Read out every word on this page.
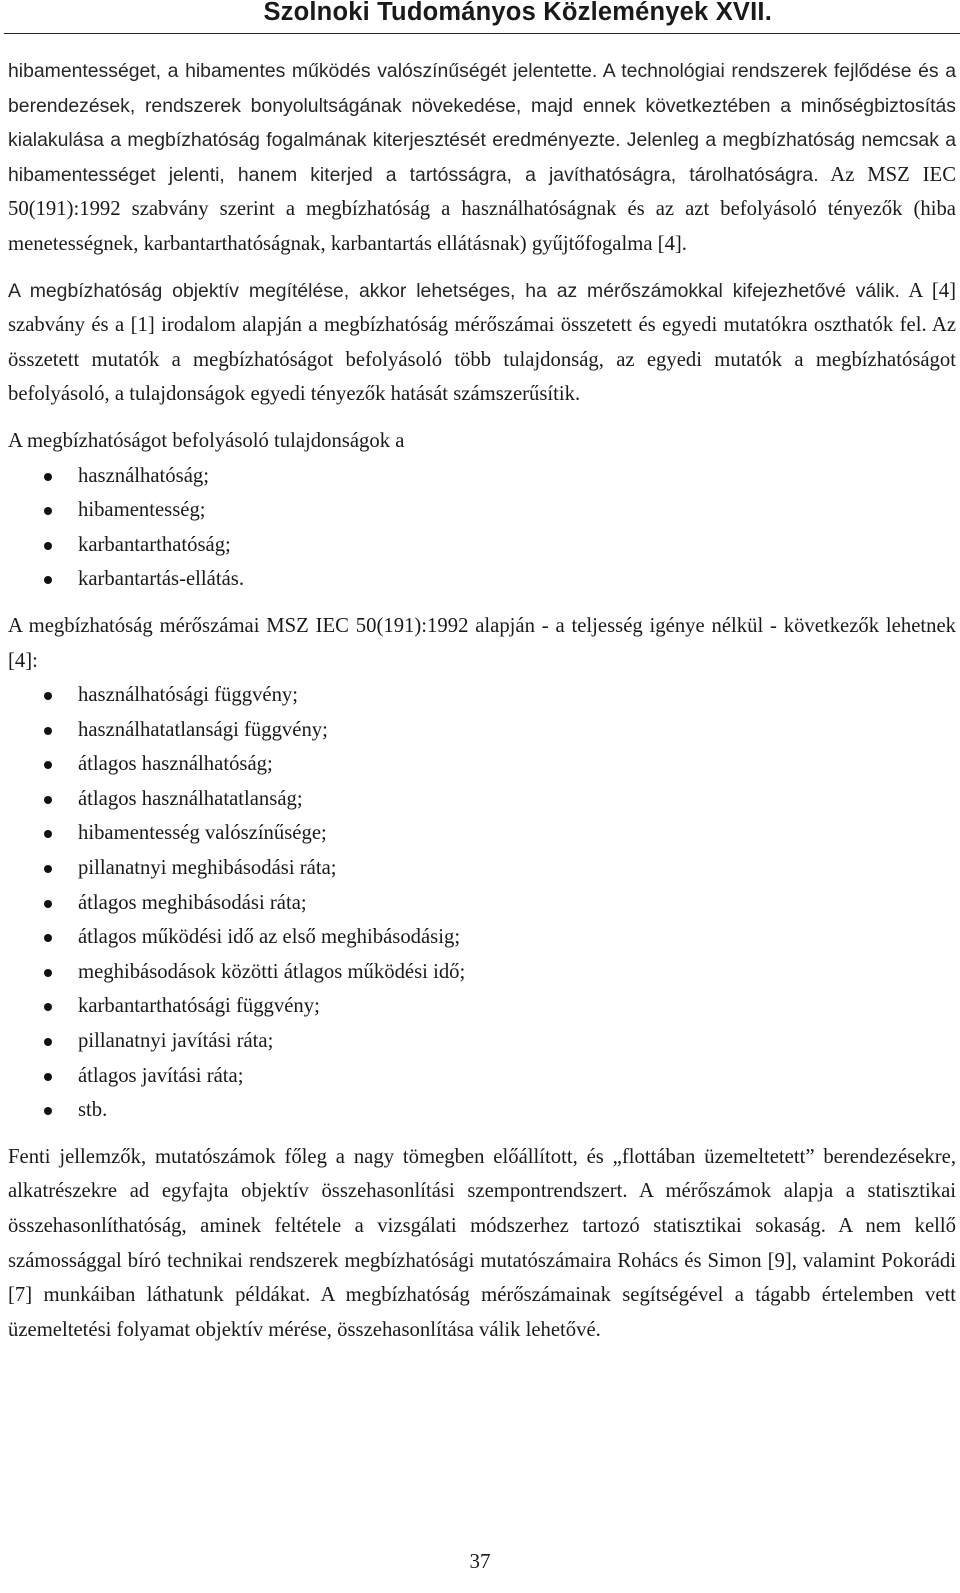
Szolnoki Tudományos Közlemények XVII.

hibamentességet, a hibamentes működés valószínűségét jelentette. A technológiai rendszerek fejlődése és a berendezések, rendszerek bonyolultságának növekedése, majd ennek következtében a minőségbiztosítás kialakulása a megbízhatóság fogalmának kiterjesztését eredményezte. Jelenleg a megbízhatóság nemcsak a hibamentességet jelenti, hanem kiterjed a tartósságra, a javíthatóságra, tárolhatóságra. Az MSZ IEC 50(191):1992 szabvány szerint a megbízhatóság a használhatóságnak és az azt befolyásoló tényezők (hiba menetességnek, karbantarthatóságnak, karbantartás ellátásnak) gyűjtőfogalma [4].

A megbízhatóság objektív megítélése, akkor lehetséges, ha az mérőszámokkal kifejezhetővé válik. A [4] szabvány és a [1] irodalom alapján a megbízhatóság mérőszámai összetett és egyedi mutatókra oszthatók fel. Az összetett mutatók a megbízhatóságot befolyásoló több tulajdonság, az egyedi mutatók a megbízhatóságot befolyásoló, a tulajdonságok egyedi tényezők hatását számszerűsítik.

A megbízhatóságot befolyásoló tulajdonságok a

használhatóság;
hibamentesség;
karbantarthatóság;
karbantartás-ellátás.

A megbízhatóság mérőszámai MSZ IEC 50(191):1992 alapján - a teljesség igénye nélkül - következők lehetnek [4]:

használhatósági függvény;
használhatatlansági függvény;
átlagos használhatóság;
átlagos használhatatlanság;
hibamentesség valószínűsége;
pillanatnyi meghibásodási ráta;
átlagos meghibásodási ráta;
átlagos működési idő az első meghibásodásig;
meghibásodások közötti átlagos működési idő;
karbantarthatósági függvény;
pillanatnyi javítási ráta;
átlagos javítási ráta;
stb.

Fenti jellemzők, mutatószámok főleg a nagy tömegben előállított, és „flottában üzemeltetett” berendezésekre, alkatrészekre ad egyfajta objektív összehasonlítási szempontrendszert. A mérőszámok alapja a statisztikai összehasonlíthatóság, aminek feltétele a vizsgálati módszerhez tartozó statisztikai sokaság. A nem kellő számossággal bíró technikai rendszerek megbízhatósági mutatószámaira Rohács és Simon [9], valamint Pokorádi [7] munkáiban láthatunk példákat. A megbízhatóság mérőszámainak segítségével a tágabb értelemben vett üzemeltetési folyamat objektív mérése, összehasonlítása válik lehetővé.

37
